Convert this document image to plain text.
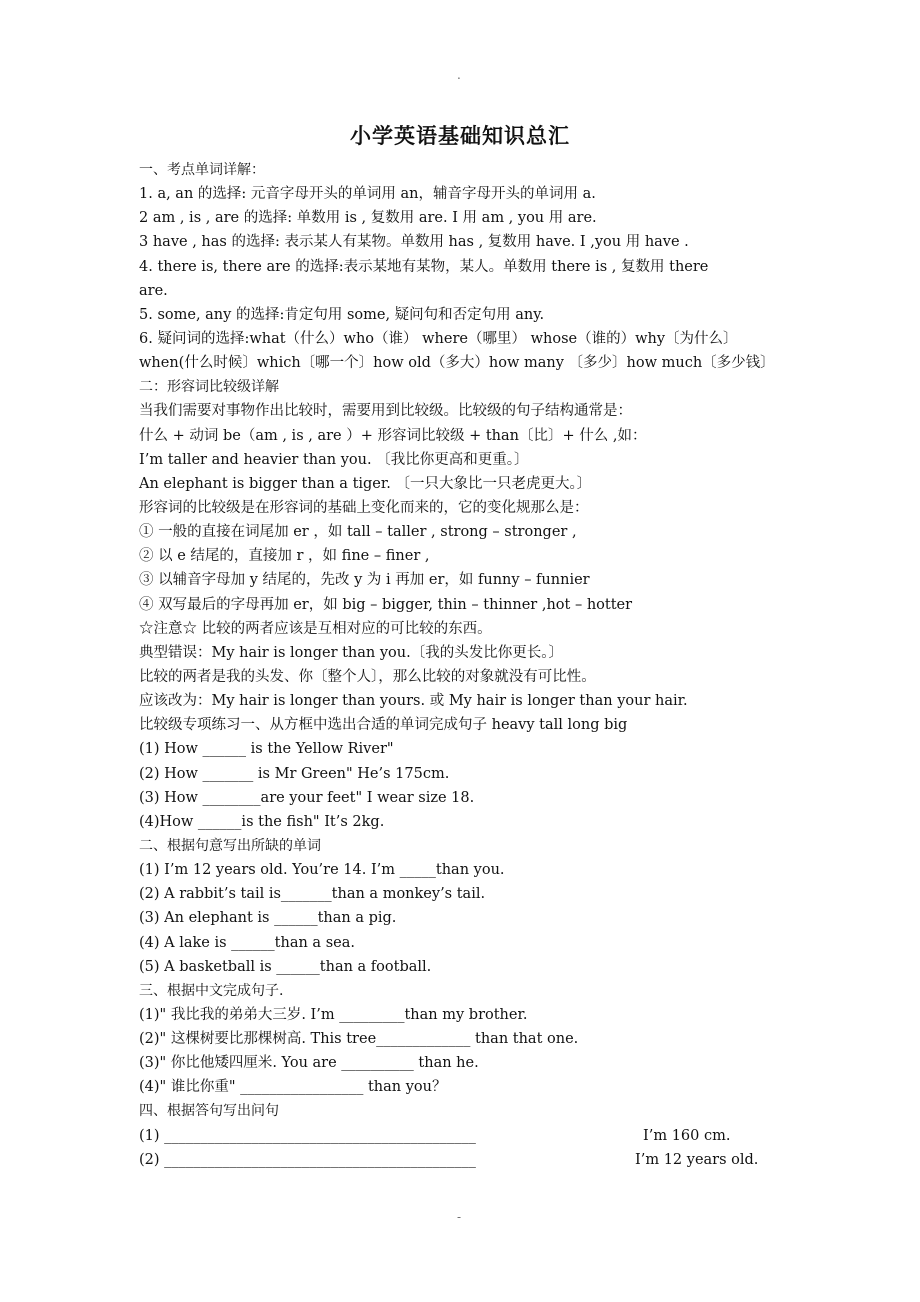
.
小学英语基础知识总汇
一、考点单词详解：
1. a, an 的选择: 元音字母开头的单词用 an，辅音字母开头的单词用 a.
2 am , is , are 的选择: 单数用 is , 复数用 are. I 用 am , you 用 are.
3 have , has 的选择: 表示某人有某物。单数用 has , 复数用 have. I ,you 用 have .
4. there is, there are 的选择:表示某地有某物，某人。单数用 there is , 复数用 there
are.
5. some, any 的选择:肯定句用 some, 疑问句和否定句用 any.
6. 疑问词的选择:what（什么）who（谁） where（哪里） whose（谁的）why〔为什么〕
when(什么时候〕which〔哪一个〕how old（多大）how many 〔多少〕how much〔多少钱〕
二：形容词比较级详解
当我们需要对事物作出比较时，需要用到比较级。比较级的句子结构通常是：
什么 + 动词 be（am , is , are ）+ 形容词比较级 + than〔比〕+ 什么 ,如：
I’m taller and heavier than you. 〔我比你更高和更重。〕
An elephant is bigger than a tiger. 〔一只大象比一只老虎更大。〕
形容词的比较级是在形容词的基础上变化而来的，它的变化规那么是：
① 一般的直接在词尾加 er ，如 tall – taller , strong – stronger ,
② 以 e 结尾的，直接加 r ，如 fine – finer ,
③ 以辅音字母加 y 结尾的，先改 y 为 i 再加 er，如 funny – funnier
④ 双写最后的字母再加 er，如 big – bigger, thin – thinner ,hot – hotter
☆注意☆ 比较的两者应该是互相对应的可比较的东西。
典型错误：My hair is longer than you.〔我的头发比你更长。〕
比较的两者是我的头发、你〔整个人〕，那么比较的对象就没有可比性。
应该改为：My hair is longer than yours. 或 My hair is longer than your hair.
比较级专项练习一、从方框中选出合适的单词完成句子 heavy tall long big
(1) How ______ is the Yellow River"
(2) How _______ is Mr Green" He’s 175cm.
(3) How ________are your feet" I wear size 18.
(4)How ______is the fish" It’s 2kg.
二、根据句意写出所缺的单词
(1) I’m 12 years old. You’re 14. I’m _____than you.
(2) A rabbit’s tail is_______than a monkey’s tail.
(3) An elephant is ______than a pig.
(4) A lake is ______than a sea.
(5) A basketball is ______than a football.
三、根据中文完成句子.
(1)" 我比我的弟弟大三岁. I’m _________than my brother.
(2)" 这棵树要比那棵树高. This tree_____________ than that one.
(3)" 你比他矮四厘米. You are __________ than he.
(4)" 谁比你重" _________________ than you？
四、根据答句写出问句
(1) ___________________________________________	I’m 160 cm.
(2) ___________________________________________	I’m 12 years old.
-
